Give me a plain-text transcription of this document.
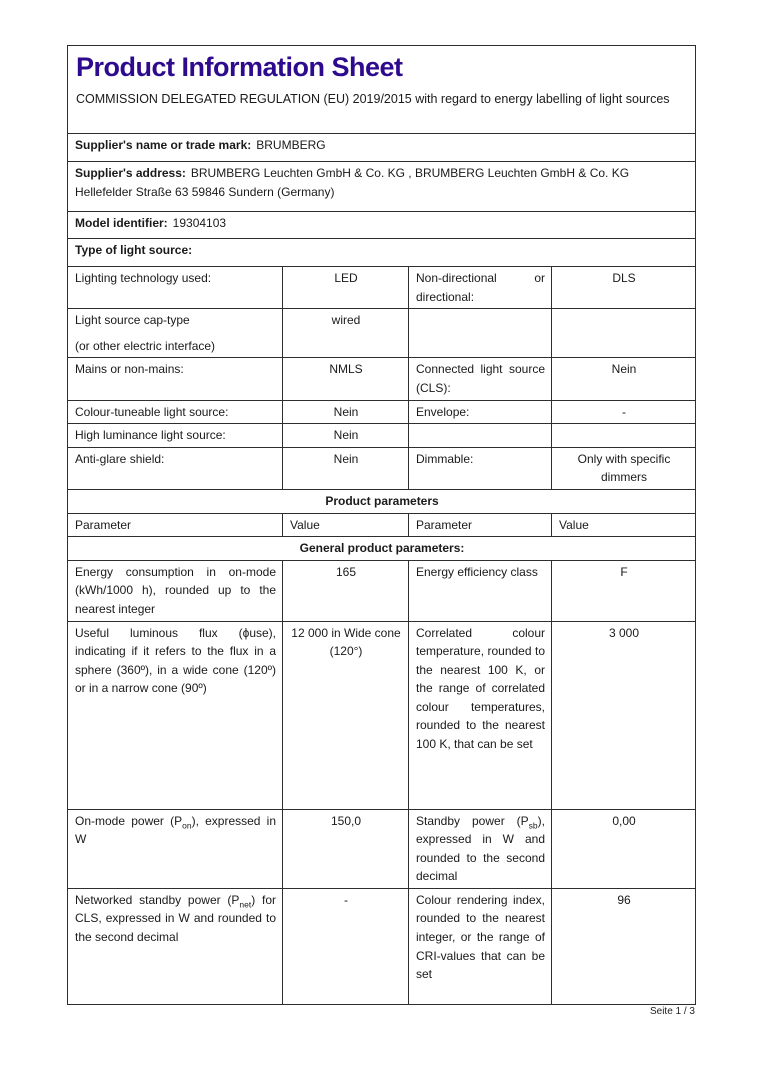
Product Information Sheet

COMMISSION DELEGATED REGULATION (EU) 2019/2015 with regard to energy labelling of light sources

Supplier's name or trade mark: BRUMBERG			
Supplier's address: BRUMBERG Leuchten GmbH & Co. KG , BRUMBERG Leuchten GmbH & Co. KG Hellefelder Straße 63 59846 Sundern (Germany)			
Model identifier: 19304103			
Type of light source:			
Lighting technology used:	LED	Non-directional or directional:	DLS

Light source cap-type
(or other electric interface)	wired		
Mains or non-mains:	NMLS	Connected light source (CLS):	Nein
Colour-tuneable light source:	Nein	Envelope:	-
High luminance light source:	Nein		
Anti-glare shield:	Nein	Dimmable:	Only with specific dimmers
Product parameters			
Parameter	Value	Parameter	Value
General product parameters:			
Energy consumption in on-mode (kWh/1000 h), rounded up to the nearest integer	165	Energy efficiency class	F
Useful luminous flux (ϕuse), indicating if it refers to the flux in a sphere (360º), in a wide cone (120º) or in a narrow cone (90º)	12 000 in Wide cone (120°)	Correlated colour temperature, rounded to the nearest 100 K, or the range of correlated colour temperatures, rounded to the nearest 100 K, that can be set	3 000
On-mode power $(P_{on})$, expressed in W	150,0	Standby power $(P_{sb})$, expressed in W and rounded to the second decimal	0,00
Networked standby power $(P_{net})$ for CLS, expressed in W and rounded to the second decimal	-	Colour rendering index, rounded to the nearest integer, or the range of CRI-values that can be set	96
Seite 1 / 3
